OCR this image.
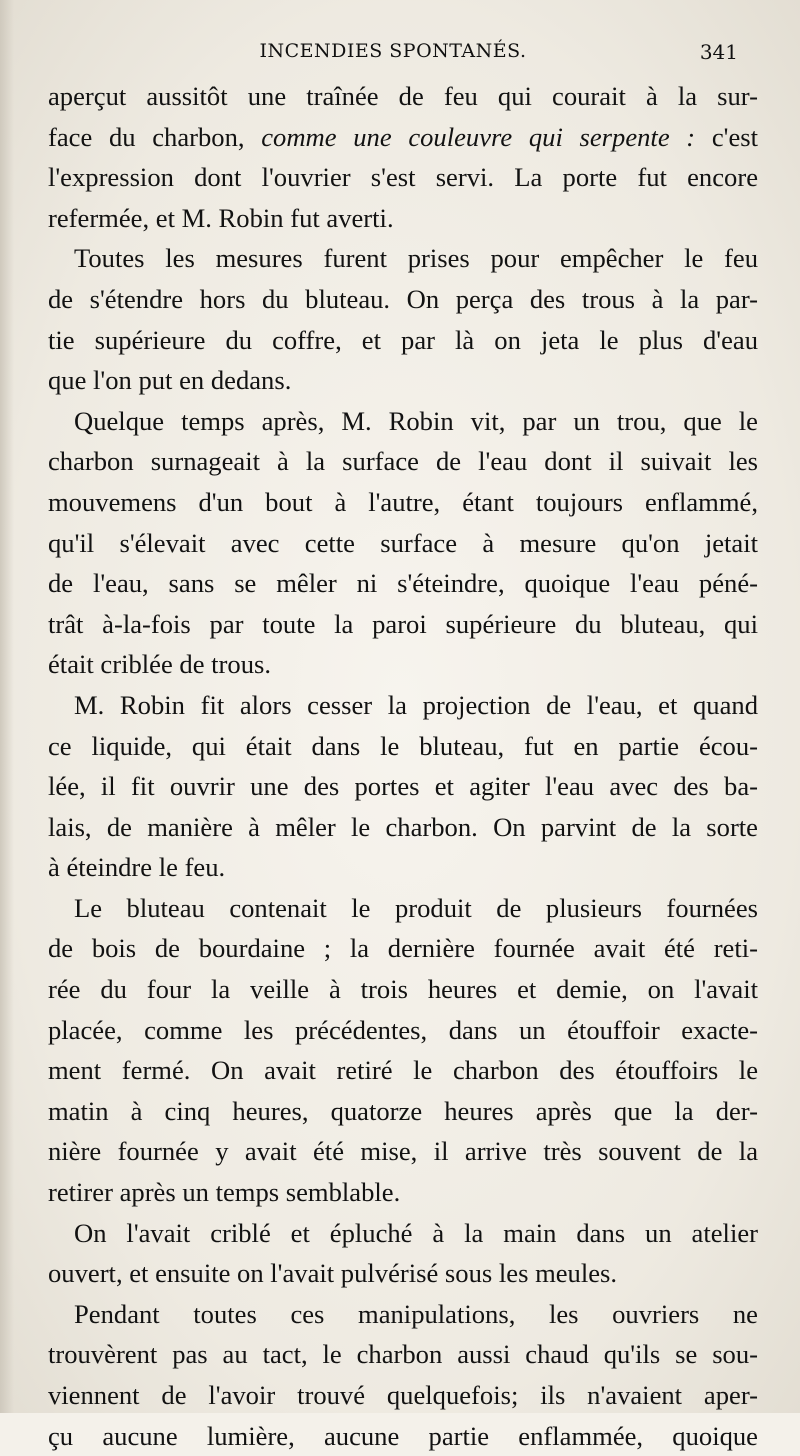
INCENDIES SPONTANÉS.	341
aperçut aussitôt une traînée de feu qui courait à la sur-
face du charbon, comme une couleuvre qui serpente : c'est
l'expression dont l'ouvrier s'est servi. La porte fut encore
refermée, et M. Robin fut averti.
Toutes les mesures furent prises pour empêcher le feu
de s'étendre hors du bluteau. On perça des trous à la par-
tie supérieure du coffre, et par là on jeta le plus d'eau
que l'on put en dedans.
Quelque temps après, M. Robin vit, par un trou, que le
charbon surnageait à la surface de l'eau dont il suivait les
mouvemens d'un bout à l'autre, étant toujours enflammé,
qu'il s'élevait avec cette surface à mesure qu'on jetait
de l'eau, sans se mêler ni s'éteindre, quoique l'eau péné-
trât à-la-fois par toute la paroi supérieure du bluteau, qui
était criblée de trous.
M. Robin fit alors cesser la projection de l'eau, et quand
ce liquide, qui était dans le bluteau, fut en partie écou-
lée, il fit ouvrir une des portes et agiter l'eau avec des ba-
lais, de manière à mêler le charbon. On parvint de la sorte
à éteindre le feu.
Le bluteau contenait le produit de plusieurs fournées
de bois de bourdaine ; la dernière fournée avait été reti-
rée du four la veille à trois heures et demie, on l'avait
placée, comme les précédentes, dans un étouffoir exacte-
ment fermé. On avait retiré le charbon des étouffoirs le
matin à cinq heures, quatorze heures après que la der-
nière fournée y avait été mise, il arrive très souvent de la
retirer après un temps semblable.
On l'avait criblé et épluché à la main dans un atelier
ouvert, et ensuite on l'avait pulvérisé sous les meules.
Pendant toutes ces manipulations, les ouvriers ne
trouvèrent pas au tact, le charbon aussi chaud qu'ils se sou-
viennent de l'avoir trouvé quelquefois; ils n'avaient aper-
çu aucune lumière, aucune partie enflammée, quoique
